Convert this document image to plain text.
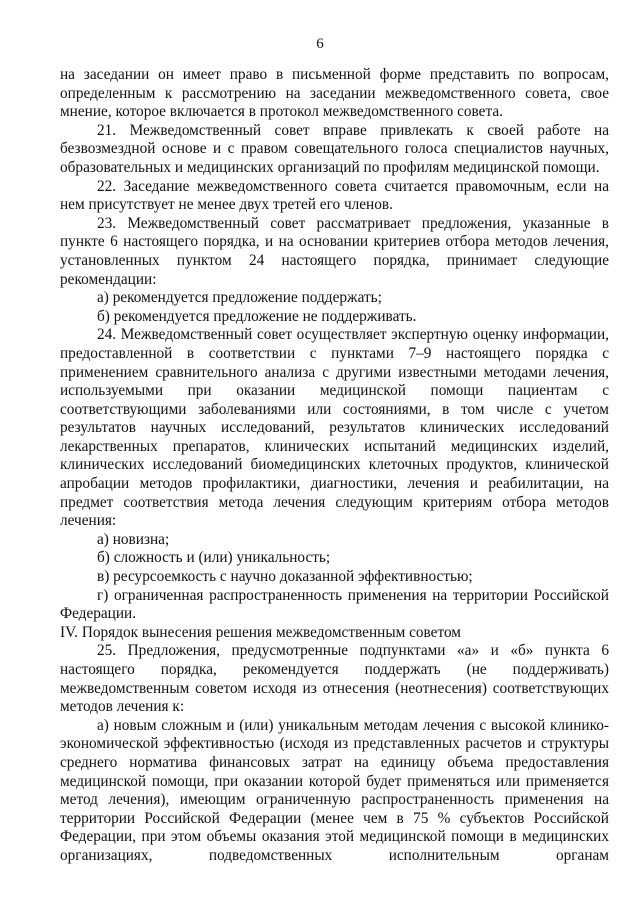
6

на заседании он имеет право в письменной форме представить по вопросам, определенным к рассмотрению на заседании межведомственного совета, свое мнение, которое включается в протокол межведомственного совета.

21. Межведомственный совет вправе привлекать к своей работе на безвозмездной основе и с правом совещательного голоса специалистов научных, образовательных и медицинских организаций по профилям медицинской помощи.

22. Заседание межведомственного совета считается правомочным, если на нем присутствует не менее двух третей его членов.

23. Межведомственный совет рассматривает предложения, указанные в пункте 6 настоящего порядка, и на основании критериев отбора методов лечения, установленных пунктом 24 настоящего порядка, принимает следующие рекомендации:

а) рекомендуется предложение поддержать;

б) рекомендуется предложение не поддерживать.

24. Межведомственный совет осуществляет экспертную оценку информации, предоставленной в соответствии с пунктами 7–9 настоящего порядка с применением сравнительного анализа с другими известными методами лечения, используемыми при оказании медицинской помощи пациентам с соответствующими заболеваниями или состояниями, в том числе с учетом результатов научных исследований, результатов клинических исследований лекарственных препаратов, клинических испытаний медицинских изделий, клинических исследований биомедицинских клеточных продуктов, клинической апробации методов профилактики, диагностики, лечения и реабилитации, на предмет соответствия метода лечения следующим критериям отбора методов лечения:

а) новизна;

б) сложность и (или) уникальность;

в) ресурсоемкость с научно доказанной эффективностью;

г) ограниченная распространенность применения на территории Российской Федерации.

IV. Порядок вынесения решения межведомственным советом

25. Предложения, предусмотренные подпунктами «а» и «б» пункта 6 настоящего порядка, рекомендуется поддержать (не поддерживать) межведомственным советом исходя из отнесения (неотнесения) соответствующих методов лечения к:

а) новым сложным и (или) уникальным методам лечения с высокой клинико-экономической эффективностью (исходя из представленных расчетов и структуры среднего норматива финансовых затрат на единицу объема предоставления медицинской помощи, при оказании которой будет применяться или применяется метод лечения), имеющим ограниченную распространенность применения на территории Российской Федерации (менее чем в 75 % субъектов Российской Федерации, при этом объемы оказания этой медицинской помощи в медицинских организациях, подведомственных исполнительным органам
